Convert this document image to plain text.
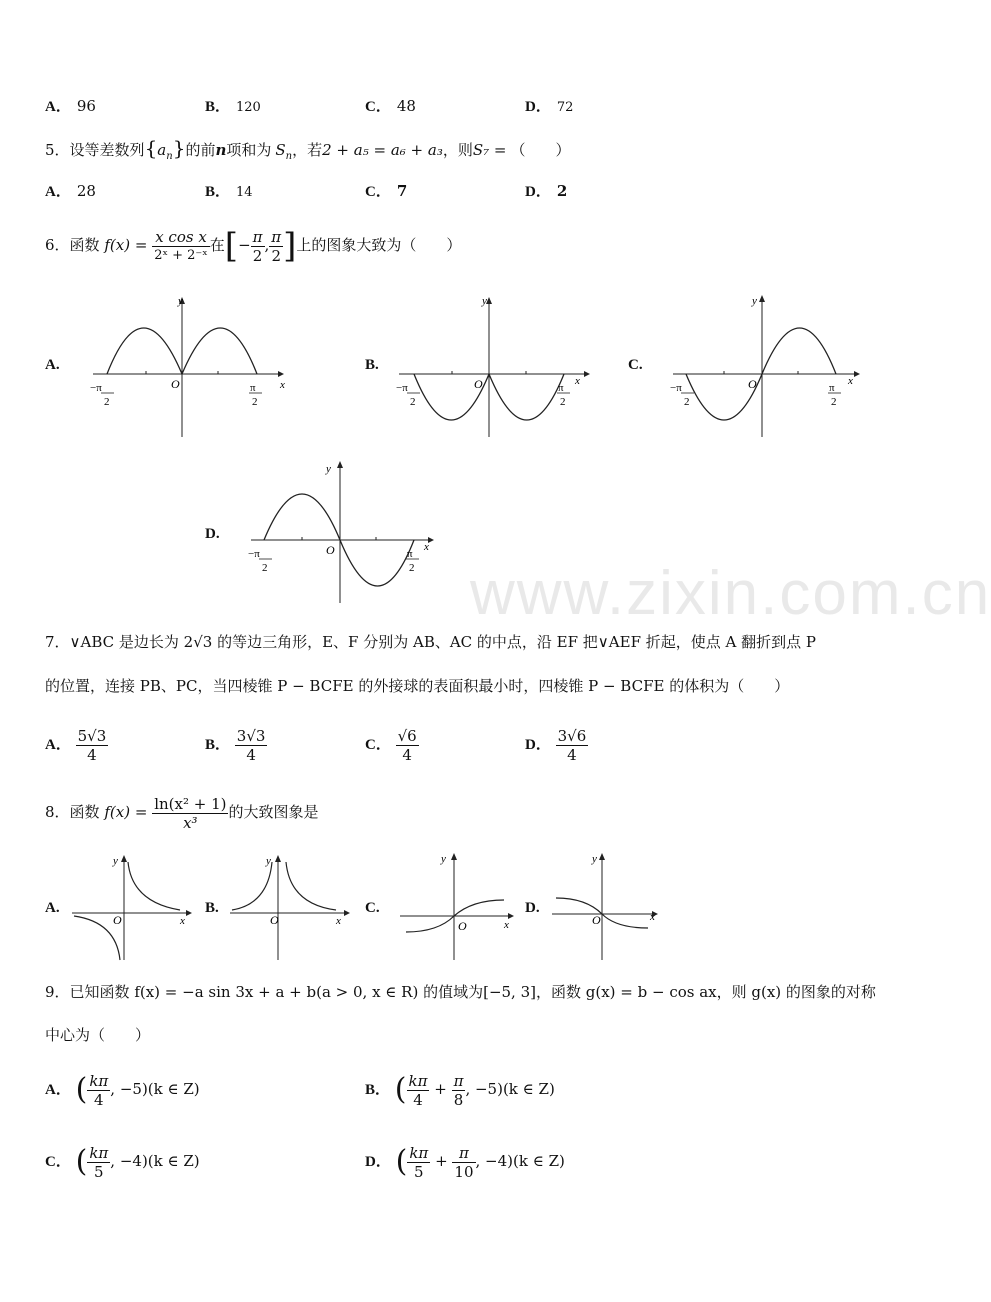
www.zixin.com.cn
A． 96	B． 120	C． 48	D． 72
5．设等差数列$\{a_n\}$的前n项和为 $S_n$，若2 + a₅ = a₆ + a₃，则S₇ = （　　）
A． 28	B． 14	C． 7	D． 2
6．函数 $f(x) = \frac{\text{x cos x}}{\text{2ˣ + 2⁻ˣ}}$ 在[− $\frac{\pi}{2}$ , $\frac{\pi}{2}$ ]上的图象大致为（　　）
A.	B.	C.
D.
y
x
O
−π
2
π
2
y
x
O
−π
2
π
2
y
x
O
−π
2
π
2
y
x
O
−π
2
π
2
7．∨ABC 是边长为 2√3 的等边三角形，E、F 分别为 AB、AC 的中点，沿 EF 把∨AEF 折起，使点 A 翻折到点 P
的位置，连接 PB、PC，当四棱锥 P − BCFE 的外接球的表面积最小时，四棱锥 P − BCFE 的体积为（　　）
A． $\frac{5√3}{4}$	B． $\frac{3√3}{4}$	C． $\frac{√6}{4}$	D． $\frac{3√6}{4}$
8．函数 $f(x) = \frac{\text{ln(x² + 1)}}{\text{x³}}$ 的大致图象是
A.	B.	C.	D.
y
x
O
y
x
O
y
x
O
y
x
O
9．已知函数 f(x) = −a sin 3x + a + b(a > 0, x ∈ R) 的值域为[−5, 3]，函数 g(x) = b − cos ax，则 g(x) 的图象的对称
中心为（　　）
A． ( $\frac{k\pi}{4}$ , −5)(k ∈ Z)	B． ( $\frac{k\pi}{4} + \frac{\pi}{8}$ , −5)(k ∈ Z)
C． ( $\frac{k\pi}{5}$ , −4)(k ∈ Z)	D． ( $\frac{k\pi}{5} + \frac{\pi}{10}$ , −4)(k ∈ Z)
